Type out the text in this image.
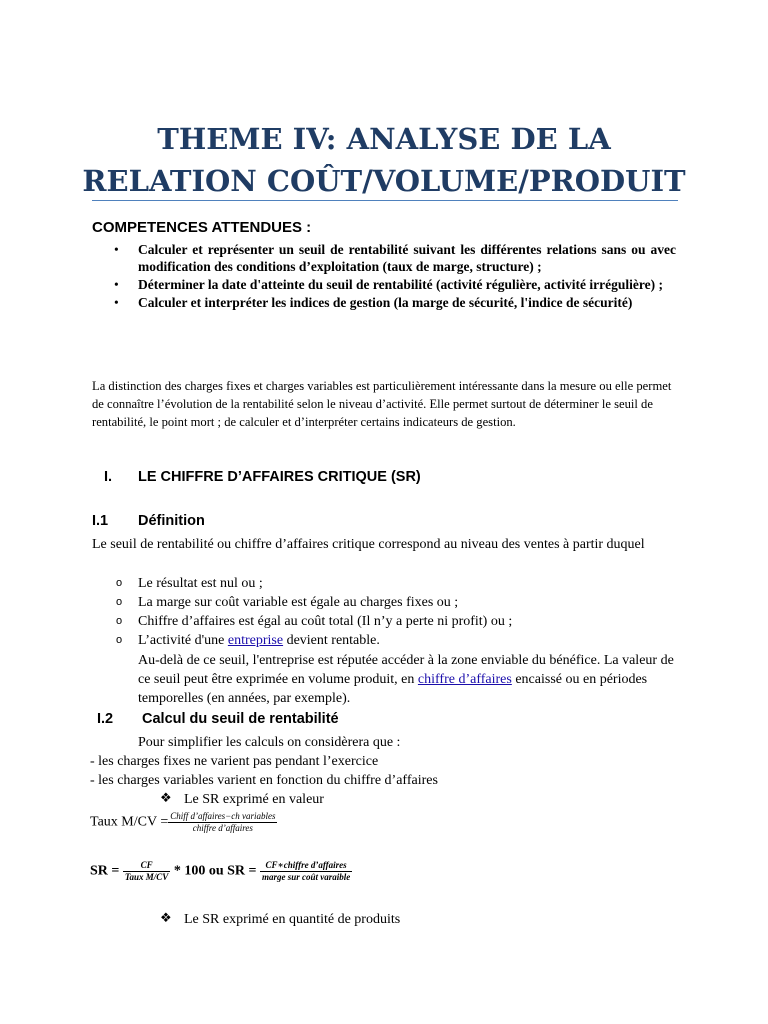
THEME IV: ANALYSE DE LA
RELATION COÛT/VOLUME/PRODUIT
COMPETENCES ATTENDUES :
• Calculer et représenter un seuil de rentabilité suivant les différentes relations sans ou avec modification des conditions d’exploitation (taux de marge, structure) ;
• Déterminer la date d'atteinte du seuil de rentabilité (activité régulière, activité irrégulière) ;
• Calculer et interpréter les indices de gestion (la marge de sécurité, l'indice de sécurité)

La distinction des charges fixes et charges variables est particulièrement intéressante dans la mesure ou elle permet de connaître l’évolution de la rentabilité selon le niveau d’activité. Elle permet surtout de déterminer le seuil de rentabilité, le point mort ; de calculer et d’interpréter certains indicateurs de gestion.

I. LE CHIFFRE D’AFFAIRES CRITIQUE (SR)
I.1 Définition

Le seuil de rentabilité ou chiffre d’affaires critique correspond au niveau des ventes à partir duquel

o Le résultat est nul ou ;
o La marge sur coût variable est égale au charges fixes ou ;
o Chiffre d’affaires est égal au coût total (Il n’y a perte ni profit) ou ;
o L’activité d'une entreprise devient rentable.

Au-delà de ce seuil, l'entreprise est réputée accéder à la zone enviable du bénéfice. La valeur de ce seuil peut être exprimée en volume produit, en chiffre d’affaires encaissé ou en périodes temporelles (en années, par exemple).

I.2 Calcul du seuil de rentabilité
Pour simplifier les calculs on considèrera que :
- les charges fixes ne varient pas pendant l’exercice
- les charges variables varient en fonction du chiffre d’affaires
❖ Le SR exprimé en valeur
Taux $M/CV = \frac{\text{Chiff d’affaires−ch variables}}{\text{chiffre d’affaires}}$
SR = $\frac{CF}{\text{Taux M/CV}} * 100$ ou SR = $\frac{\text{CF∗chiffre d’affaires}}{\text{marge sur coût varaible}}$
❖ Le SR exprimé en quantité de produits
